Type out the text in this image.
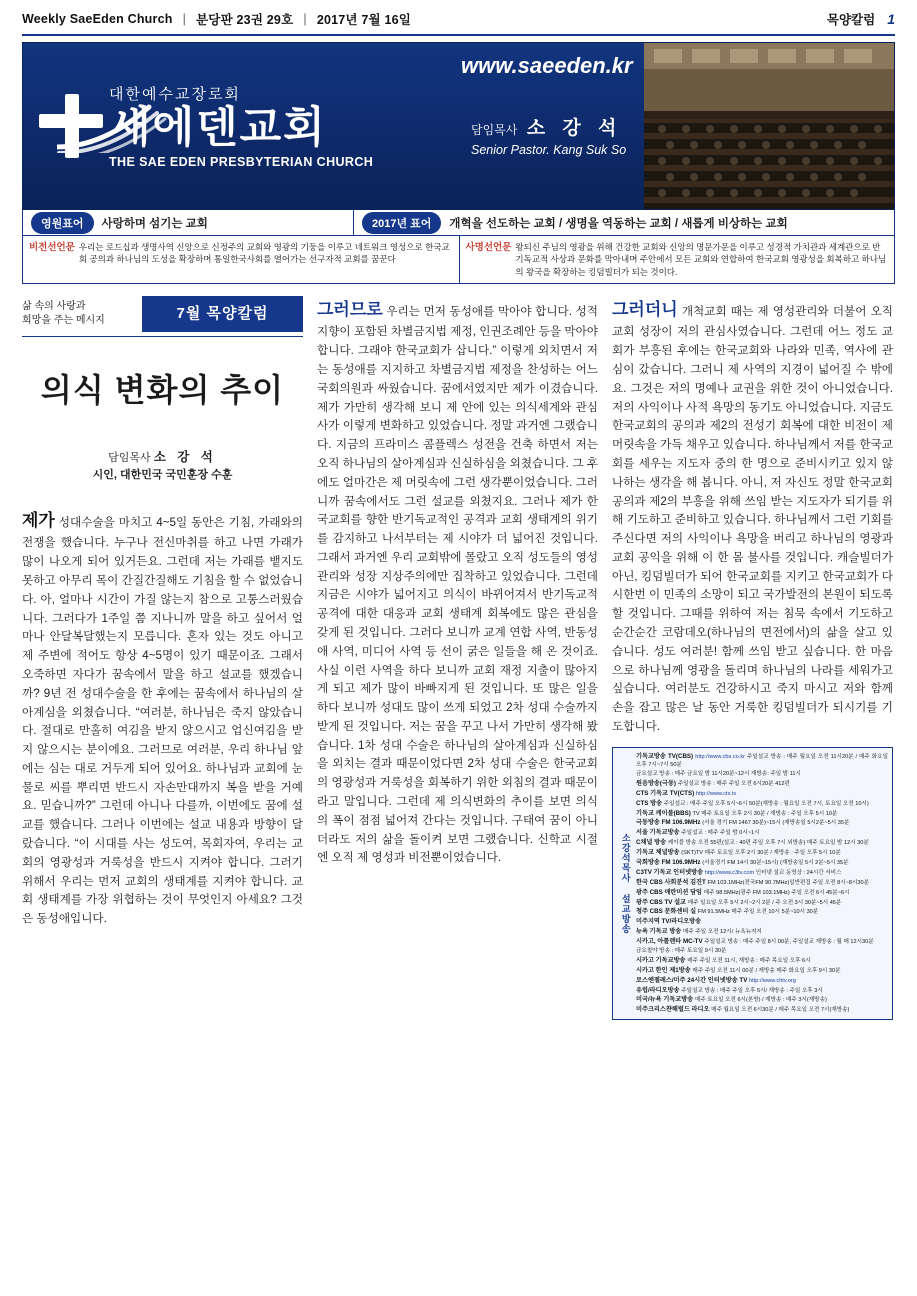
Weekly SaeEden Church | 분당판 23권 29호 | 2017년 7월 16일	목양칼럼 1
대한예수교장로회
새에덴교회
THE SAE EDEN PRESBYTERIAN CHURCH
www.saeeden.kr
담임목사 소 강 석
Senior Pastor. Kang Suk So
영원표어	사랑하며 섬기는 교회	2017년 표어	개혁을 선도하는 교회 / 생명을 역동하는 교회 / 새롭게 비상하는 교회
비전선언문 우리는 로드십과 생명사역 신앙으로 신정주의 교회와 영광의 기둥을 이루고 네트워크 영성으로 한국교회 공의과 하나님의 도성을 확장하며 통일한국사회를 열어가는 선구자적 교회를 꿈꾼다
사명선언문 왕되신 주님의 영광을 위해 건강한 교회와 신앙의 명문가문을 이루고 성경적 가치관과 세계관으로 반기독교적 사상과 문화를 막아내며 주안에서 모든 교회와 연합하여 한국교회 영광성을 회복하고 하나님의 왕국을 확장하는 킹덤빌더가 되는 것이다.
삶 속의 사랑과
희망을 주는 메시지	7월 목양칼럼
의식 변화의 추이
담임목사 소 강 석
시인, 대한민국 국민훈장 수훈

제가 성대수술을 마치고 4~5일 동안은 기침, 가래와의 전쟁을 했습니다. 누구나 전신마취를 하고 나면 가래가 많이 나오게 되어 있거든요. 그런데 저는 가래를 뱉지도 못하고 아무리 목이 간질간질해도 기침을 할 수 없었습니다. 아, 얼마나 시간이 가질 않는지 참으로 고통스러웠습니다. 그러다가 1주일 쯤 지나니까 말을 하고 싶어서 얼마나 안달복달했는지 모릅니다. 혼자 있는 것도 아니고 제 주변에 적어도 항상 4~5명이 있기 때문이죠. 그래서 오죽하면 자다가 꿈속에서 말을 하고 설교를 했겠습니까? 9년 전 성대수술을 한 후에는 꿈속에서 하나님의 살아계심을 외쳤습니다. “여러분, 하나님은 죽지 않았습니다. 절대로 만홀히 여김을 받지 않으시고 업신여김을 받지 않으시는 분이에요. 그러므로 여러분, 우리 하나님 앞에는 심는 대로 거두게 되어 있어요. 하나님과 교회에 눈물로 씨를 뿌리면 반드시 자손만대까지 복을 받을 거예요. 믿습니까?” 그런데 아니나 다를까, 이번에도 꿈에 설교를 했습니다. 그러나 이번에는 설교 내용과 방향이 달랐습니다. “이 시대를 사는 성도여, 목회자여, 우리는 교회의 영광성과 거룩성을 반드시 지켜야 합니다. 그러기 위해서 우리는 먼저 교회의 생태계를 지켜야 합니다. 교회 생태계를 가장 위협하는 것이 무엇인지 아세요? 그것은 동성애입니다.

그러므로 우리는 먼저 동성애를 막아야 합니다. 성적 지향이 포함된 차별금지법 제정, 인권조례안 등을 막아야 합니다. 그래야 한국교회가 삽니다.” 이렇게 외치면서 저는 동성애를 지지하고 차별금지법 제정을 찬성하는 어느 국회의원과 싸웠습니다. 꿈에서였지만 제가 이겼습니다. 제가 가만히 생각해 보니 제 안에 있는 의식세계와 관심사가 이렇게 변화하고 있었습니다. 정말 과거엔 그랬습니다. 지금의 프라미스 콤플렉스 성전을 건축 하면서 저는 오직 하나님의 살아계심과 신실하심을 외쳤습니다. 그 후에도 얼마간은 제 머릿속에 그런 생각뿐이었습니다. 그러니까 꿈속에서도 그런 설교를 외쳤지요. 그러나 제가 한국교회를 향한 반기독교적인 공격과 교회 생태계의 위기를 감지하고 나서부터는 제 시야가 더 넓어진 것입니다. 그래서 과거엔 우리 교회밖에 몰랐고 오직 성도들의 영성 관리와 성장 지상주의에만 집착하고 있었습니다. 그런데 지금은 시야가 넓어지고 의식이 바뀌어져서 반기독교적 공격에 대한 대응과 교회 생태계 회복에도 많은 관심을 갖게 된 것입니다. 그러다 보니까 교계 연합 사역, 반동성애 사역, 미디어 사역 등 선이 굵은 일들을 해 온 것이죠. 사실 이런 사역을 하다 보니까 교회 재정 지출이 많아지게 되고 제가 많이 바빠지게 된 것입니다. 또 많은 일을 하다 보니까 성대도 많이 쓰게 되었고 2차 성대 수술까지 받게 된 것입니다. 저는 꿈을 꾸고 나서 가만히 생각해 봤습니다. 1차 성대 수술은 하나님의 살아계심과 신실하심을 외치는 결과 때문이었다면 2차 성대 수술은 한국교회의 영광성과 거룩성을 회복하기 위한 외침의 결과 때문이라고 말입니다. 그런데 제 의식변화의 추이를 보면 의식의 폭이 점점 넓어져 간다는 것입니다. 구태여 꿈이 아니더라도 저의 삶을 돌이켜 보면 그랬습니다. 신학교 시절엔 오직 제 영성과 비전뿐이었습니다.

그러더니 개척교회 때는 제 영성관리와 더불어 오직 교회 성장이 저의 관심사였습니다. 그런데 어느 정도 교회가 부흥된 후에는 한국교회와 나라와 민족, 역사에 관심이 갔습니다. 그러니 제 사역의 지경이 넓어질 수 밖에요. 그것은 저의 명예나 교권을 위한 것이 아니었습니다. 저의 사익이나 사적 욕망의 동기도 아니었습니다. 지금도 한국교회의 공의과 제2의 전성기 회복에 대한 비전이 제 머릿속을 가득 채우고 있습니다. 하나님께서 저를 한국교회를 세우는 지도자 중의 한 명으로 준비시키고 있지 않나하는 생각을 해 봅니다. 아니, 저 자신도 정말 한국교회 공의과 제2의 부흥을 위해 쓰임 받는 지도자가 되기를 위해 기도하고 준비하고 있습니다. 하나님께서 그런 기회를 주신다면 저의 사익이나 욕망을 버리고 하나님의 영광과 교회 공익을 위해 이 한 몸 불사를 것입니다. 캐슬빌더가아닌, 킹덤빌더가 되어 한국교회를 지키고 한국교회가 다시한번 이 민족의 소망이 되고 국가발전의 본원이 되도록 할 것입니다. 그때를 위하여 저는 침묵 속에서 기도하고 순간순간 코람데오(하나님의 면전에서)의 삶을 살고 있습니다. 성도 여러분! 함께 쓰임 받고 싶습니다. 한 마음으로 하나님께 영광을 돌리며 하나님의 나라를 세워가고 싶습니다. 여러분도 건강하시고 죽지 마시고 저와 함께 손을 잡고 많은 날 동안 거룩한 킹덤빌더가 되시기를 기도합니다.

소강석목사 설교방송
기독교방송 TV(CBS) http://www.cbs.co.kr 주일설교 방송 : 매주 월요일 오전 11시20분 / 매주 화요일 오후 7시~7시 50분
금요설교 방송 : 매주 금요일 밤 11시20분~12시 재방송: 주일 밤 11시
원음방송(극동) 주일설교 방송 : 매주 주일 오전 6시20분 412편
CTS 기독교 TV(CTS) http://www.cts.tv
CTS 방송 주일설교 : 매주 주일 오후 5시~6시 50분(재방송 : 월요일 오전 7시, 토요일 오전 10시)
기독교 케이블(BBS) TV 매주 토요일 오후 2시 30분 / 재방송 : 주일 오후 5시 10분
극동방송 FM 106.9MHz (서울 경기 FM 1467 30분)~15시 (재방송일 5시2분~5시 35분
서울 기독교방송 주일설교 : 매주 주일 밤 0시~1시
C채널 방송 케이블 방송 오전 55편(설교 : 40편 주일 오후 7시 외방송) 매주 토요일 밤 12시 30분
기독교 체널방송 (SKT)TV 매주 토요일 오후 2시 30분 / 재방송 : 주일 오후 5시 10분
국회방송 FM 106.9MHz (서울경기 FM 14시 30분~15시) (재방송일 5시 2분~5시 35분
C3TV 기독교 인터넷방송 http://www.c3tv.com 인터넷 설교 동영상 : 24시간 서비스
한국 CBS 사회분석 김진T FM 103.1MHz(전국FM 90.7MHz)일반편집 주일 오전 8시~8시30분
광주 CBS 애란미션 담임 매주 98.5MHz(광주 FM 103.1MHz) 주일 오전 6시 45분~6시
광주 CBS TV 설교 매주 일요일 오후 5시 2시~2시 2분 / 주 오전 3시 30분~5시 45분
청주 CBS 문화센터 실 FM 91.5MHz 매주 주일 오전 10시 5분~10시 30분
미주지역 TV/라디오방송
뉴욕 기독교 방송 매주 주일 오전 12시/ 뉴욕뉴저지
시카고, 아틀랜타 MC-TV 주일설교 방송 : 매주 주일 8시 00분, 주일설교 재방송 : 월 매 12시30분
금요철야 방송 : 매주 토요일 9시 30분
시카고 기독교방송 매주 주일 오전 11시, 재방송 : 매주 목요일 오후 6시
시카고 한인 제1방송 매주 주일 오전 11시 00분 / 재방송 매주 화요일 오후 9시 30분
로스앤젤레스/미주 24시간 인터넷방송 TV http://www.chtv.org
유럽/라디오방송 주일설교 방송 : 매주 주일 오후 5시/ 재방송 : 주일 오후 3시
미국/뉴욕 기독교방송 매주 토요일 오전 6시(본방) / 재방송 : 매주 3시(재방송)
미주크리스챤해럴드 라디오 매주 월요일 오전 6시30분 / 매주 목요일 오전 7시(재방송)
